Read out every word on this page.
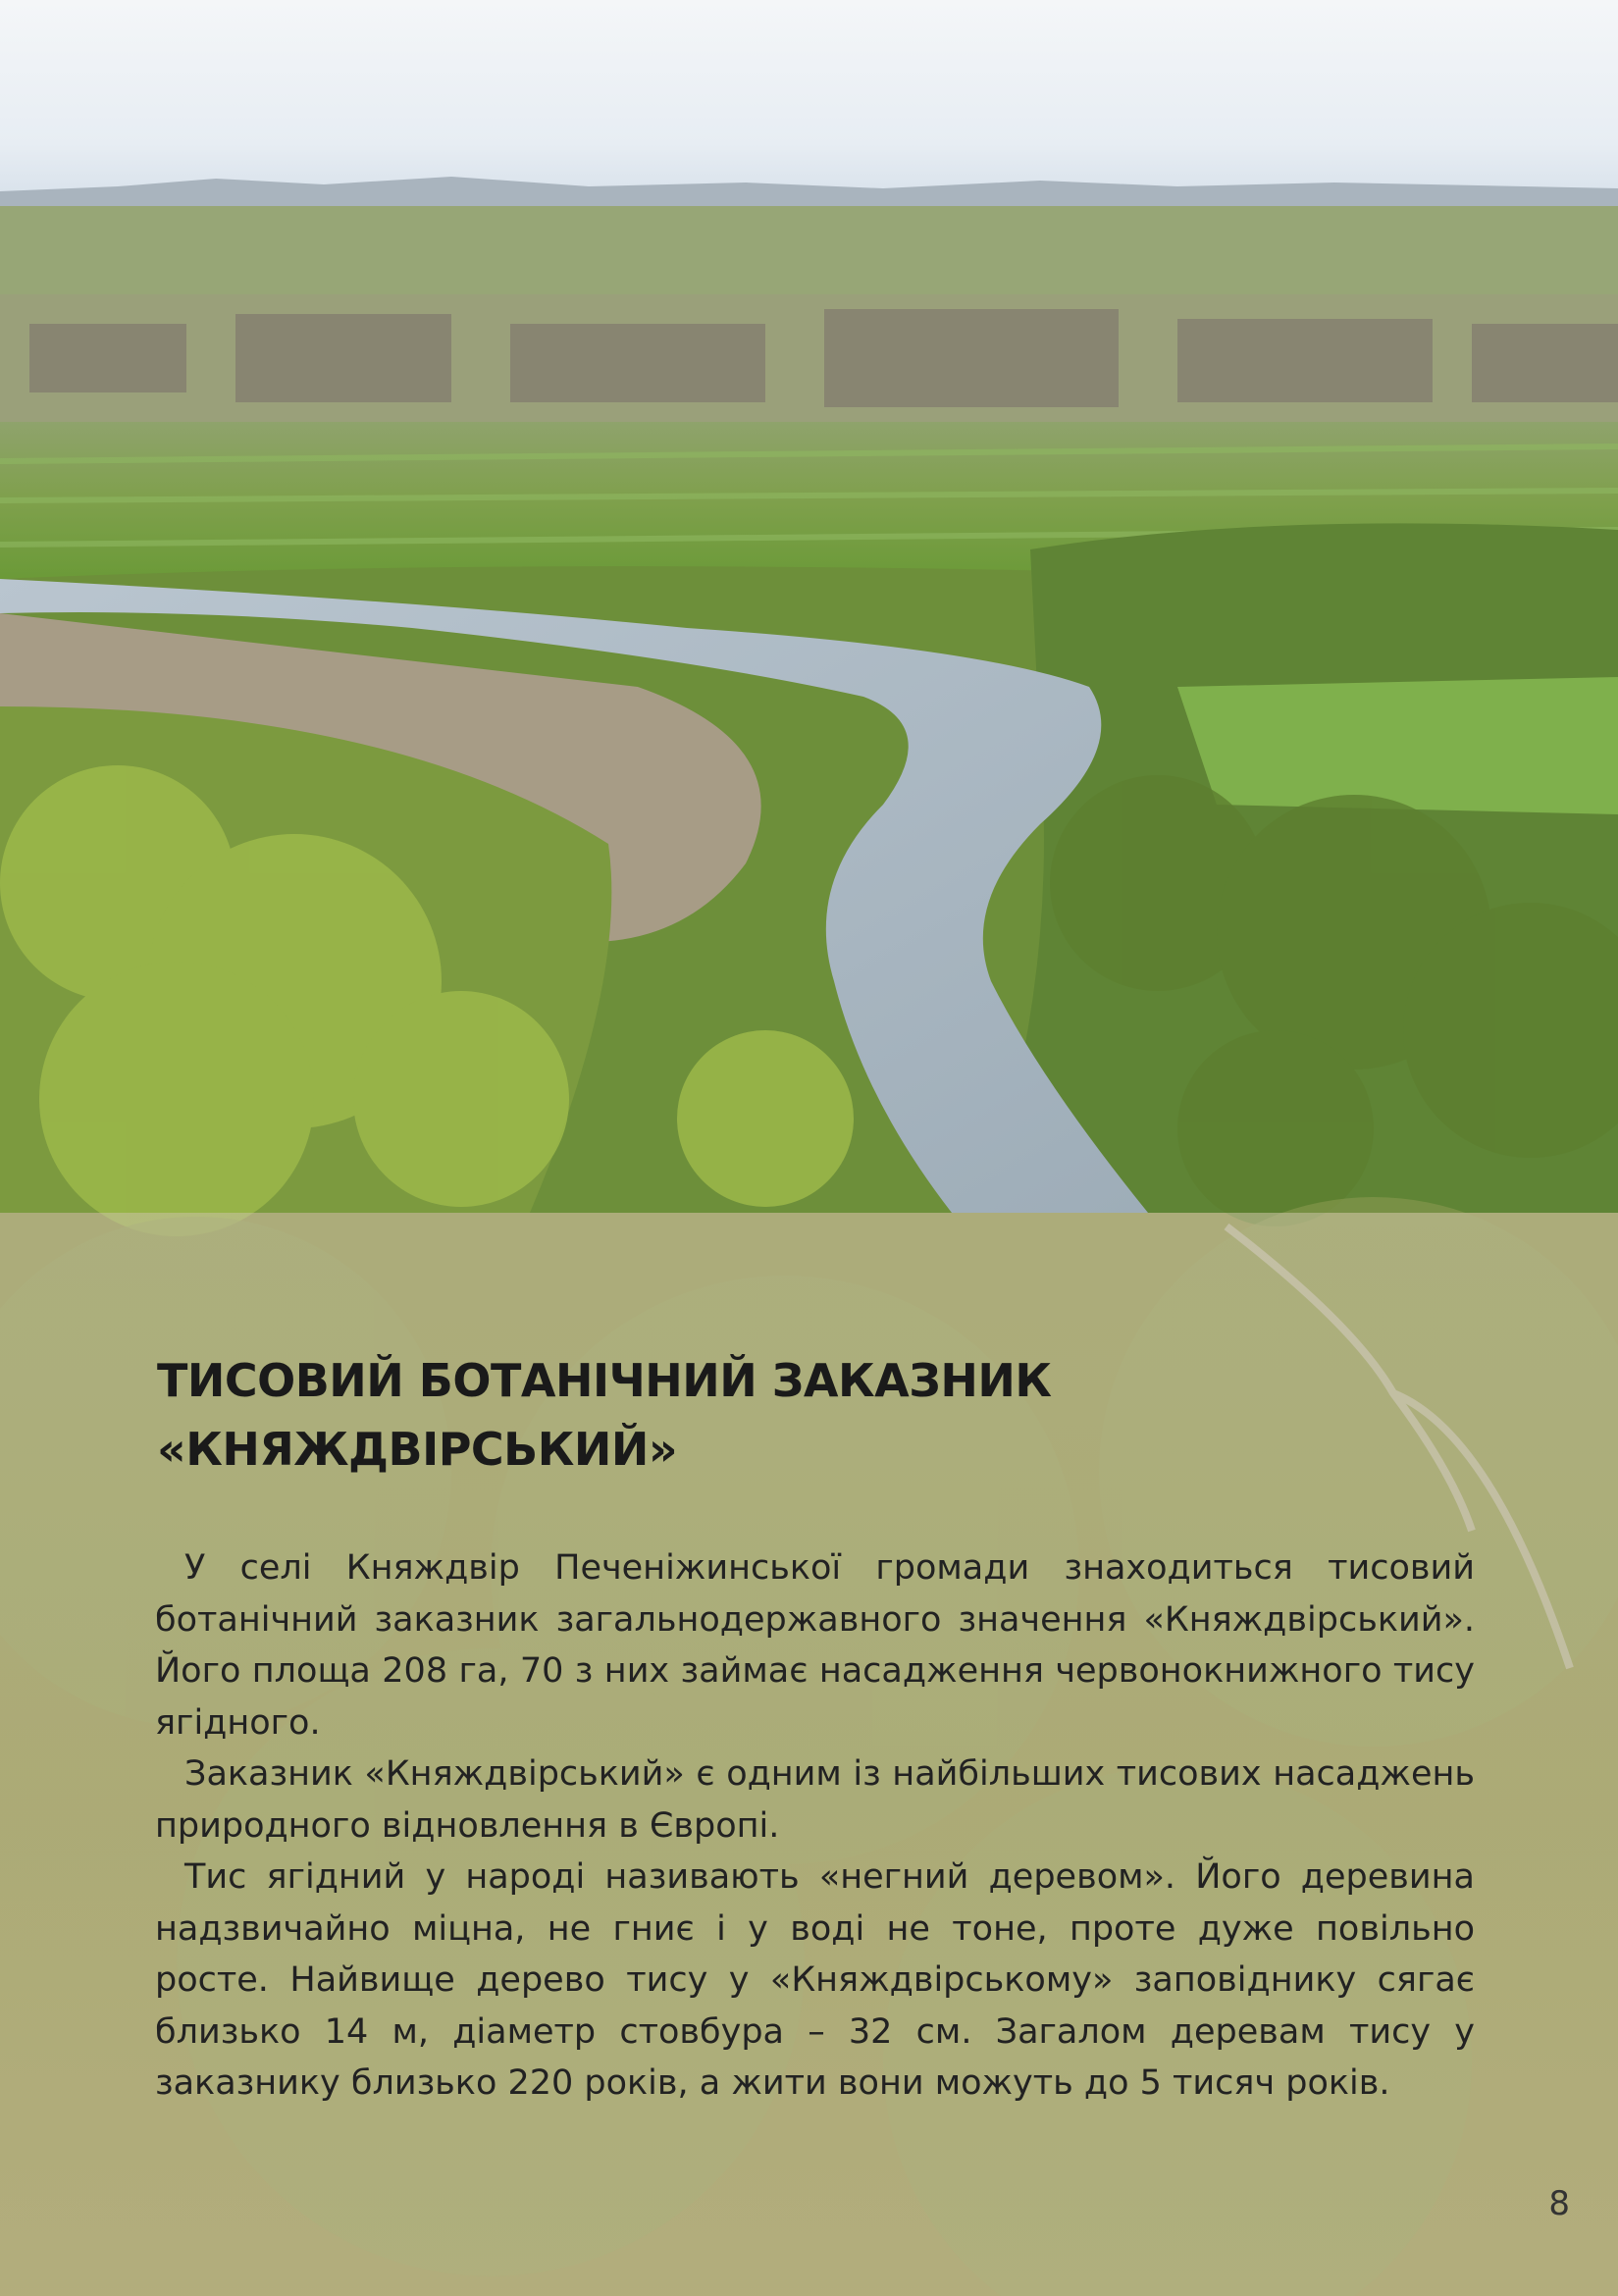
ТИСОВИЙ БОТАНІЧНИЙ ЗАКАЗНИК
«КНЯЖДВІРСЬКИЙ»

У селі Княждвір Печеніжинської громади знаходиться тисовий ботанічний заказник загальнодержавного значення «Княждвірський». Його площа 208 га, 70 з них займає насадження червонокнижного тису ягідного.

Заказник «Княждвірський» є одним із найбільших тисових насаджень природного відновлення в Європі.

Тис ягідний у народі називають «негний деревом». Його деревина надзвичайно міцна, не гниє і у воді не тоне, проте дуже повільно росте. Найвище дерево тису у «Княждвірському» заповіднику сягає близько 14 м, діаметр стовбура – 32 см. Загалом деревам тису у заказнику близько 220 років, а жити вони можуть до 5 тисяч років.

8
